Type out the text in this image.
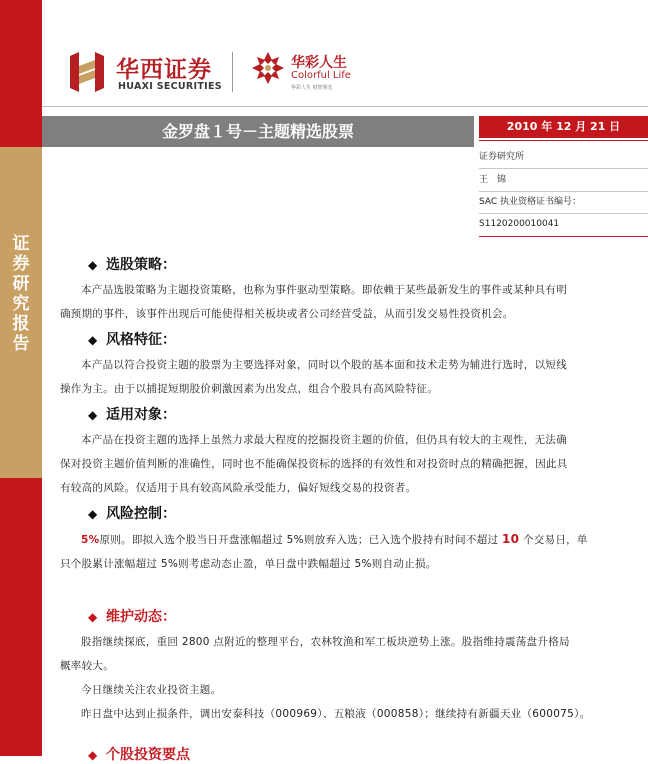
证券研究报告
华西证券
HUAXI SECURITIES
华彩人生
Colorful Life
华彩人生 财智领先
金罗盘１号－主题精选股票	2010 年 12 月 21 日
证券研究所
王　锦
SAC 执业资格证书编号：
S1120200010041
◆ 选股策略：
本产品选股策略为主题投资策略，也称为事件驱动型策略。即依赖于某些最新发生的事件或某种具有明
确预期的事件，该事件出现后可能使得相关板块或者公司经营受益，从而引发交易性投资机会。
◆ 风格特征：
本产品以符合投资主题的股票为主要选择对象，同时以个股的基本面和技术走势为辅进行选时，以短线
操作为主。由于以捕捉短期股价刺激因素为出发点，组合个股具有高风险特征。
◆ 适用对象：
本产品在投资主题的选择上虽然力求最大程度的挖掘投资主题的价值，但仍具有较大的主观性，无法确
保对投资主题价值判断的准确性，同时也不能确保投资标的选择的有效性和对投资时点的精确把握，因此具
有较高的风险。仅适用于具有较高风险承受能力，偏好短线交易的投资者。
◆ 风险控制：
5%原则。即拟入选个股当日开盘涨幅超过 5%则放弃入选；已入选个股持有时间不超过 10 个交易日，单
只个股累计涨幅超过 5%则考虑动态止盈，单日盘中跌幅超过 5%则自动止损。
◆ 维护动态：
股指继续探底，重回 2800 点附近的整理平台，农林牧渔和军工板块逆势上涨。股指维持震荡盘升格局
概率较大。
今日继续关注农业投资主题。
昨日盘中达到止损条件，调出安泰科技（000969）、五粮液（000858）；继续持有新疆天业（600075）。
◆ 个股投资要点
